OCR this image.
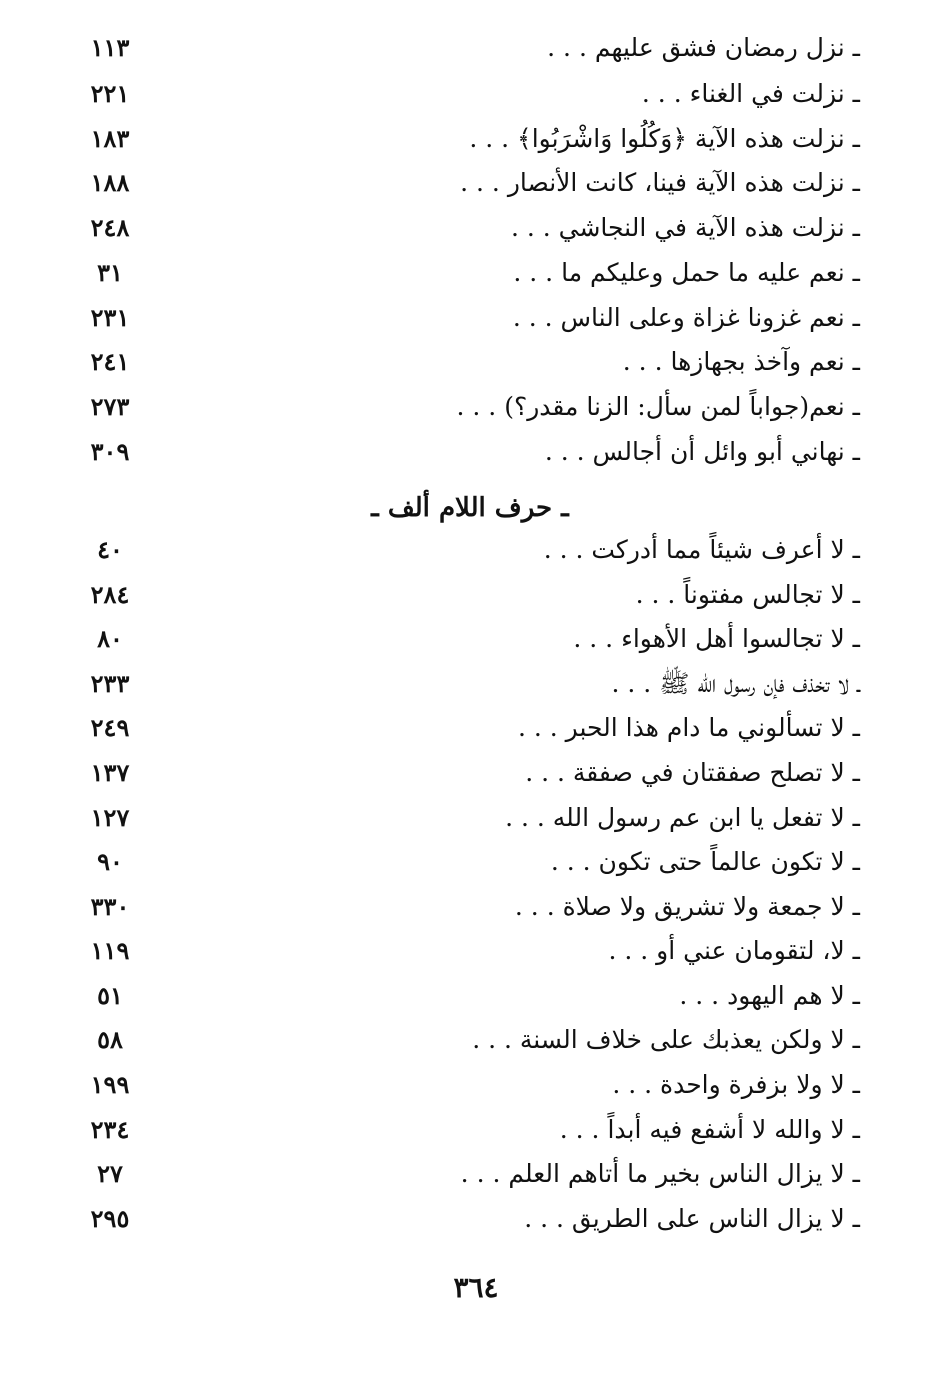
ـ نزل رمضان فشق عليهم . . .
١١٣
ـ نزلت في الغناء . . .
٢٢١
ـ نزلت هذه الآية ﴿وَكُلُوا وَاشْرَبُوا﴾ . . .
١٨٣
ـ نزلت هذه الآية فينا، كانت الأنصار . . .
١٨٨
ـ نزلت هذه الآية في النجاشي . . .
٢٤٨
ـ نعم عليه ما حمل وعليكم ما . . .
٣١
ـ نعم غزونا غزاة وعلى الناس . . .
٢٣١
ـ نعم وآخذ بجهازها . . .
٢٤١
ـ نعم(جواباً لمن سأل: الزنا مقدر؟) . . .
٢٧٣
ـ نهاني أبو وائل أن أجالس . . .
٣٠٩
ـ حرف اللام ألف ـ
ـ لا أعرف شيئاً مما أدركت . . .
٤٠
ـ لا تجالس مفتوناً . . .
٢٨٤
ـ لا تجالسوا أهل الأهواء . . .
٨٠
ـ لا تخذف فإن رسول الله ﷺ . . .
٢٣٣
ـ لا تسألوني ما دام هذا الحبر . . .
٢٤٩
ـ لا تصلح صفقتان في صفقة . . .
١٣٧
ـ لا تفعل يا ابن عم رسول الله . . .
١٢٧
ـ لا تكون عالماً حتى تكون . . .
٩٠
ـ لا جمعة ولا تشريق ولا صلاة . . .
٣٣٠
ـ لا، لتقومان عني أو . . .
١١٩
ـ لا هم اليهود . . .
٥١
ـ لا ولكن يعذبك على خلاف السنة . . .
٥٨
ـ لا ولا بزفرة واحدة . . .
١٩٩
ـ لا والله لا أشفع فيه أبداً . . .
٢٣٤
ـ لا يزال الناس بخير ما أتاهم العلم . . .
٢٧
ـ لا يزال الناس على الطريق . . .
٢٩٥
٣٦٤
